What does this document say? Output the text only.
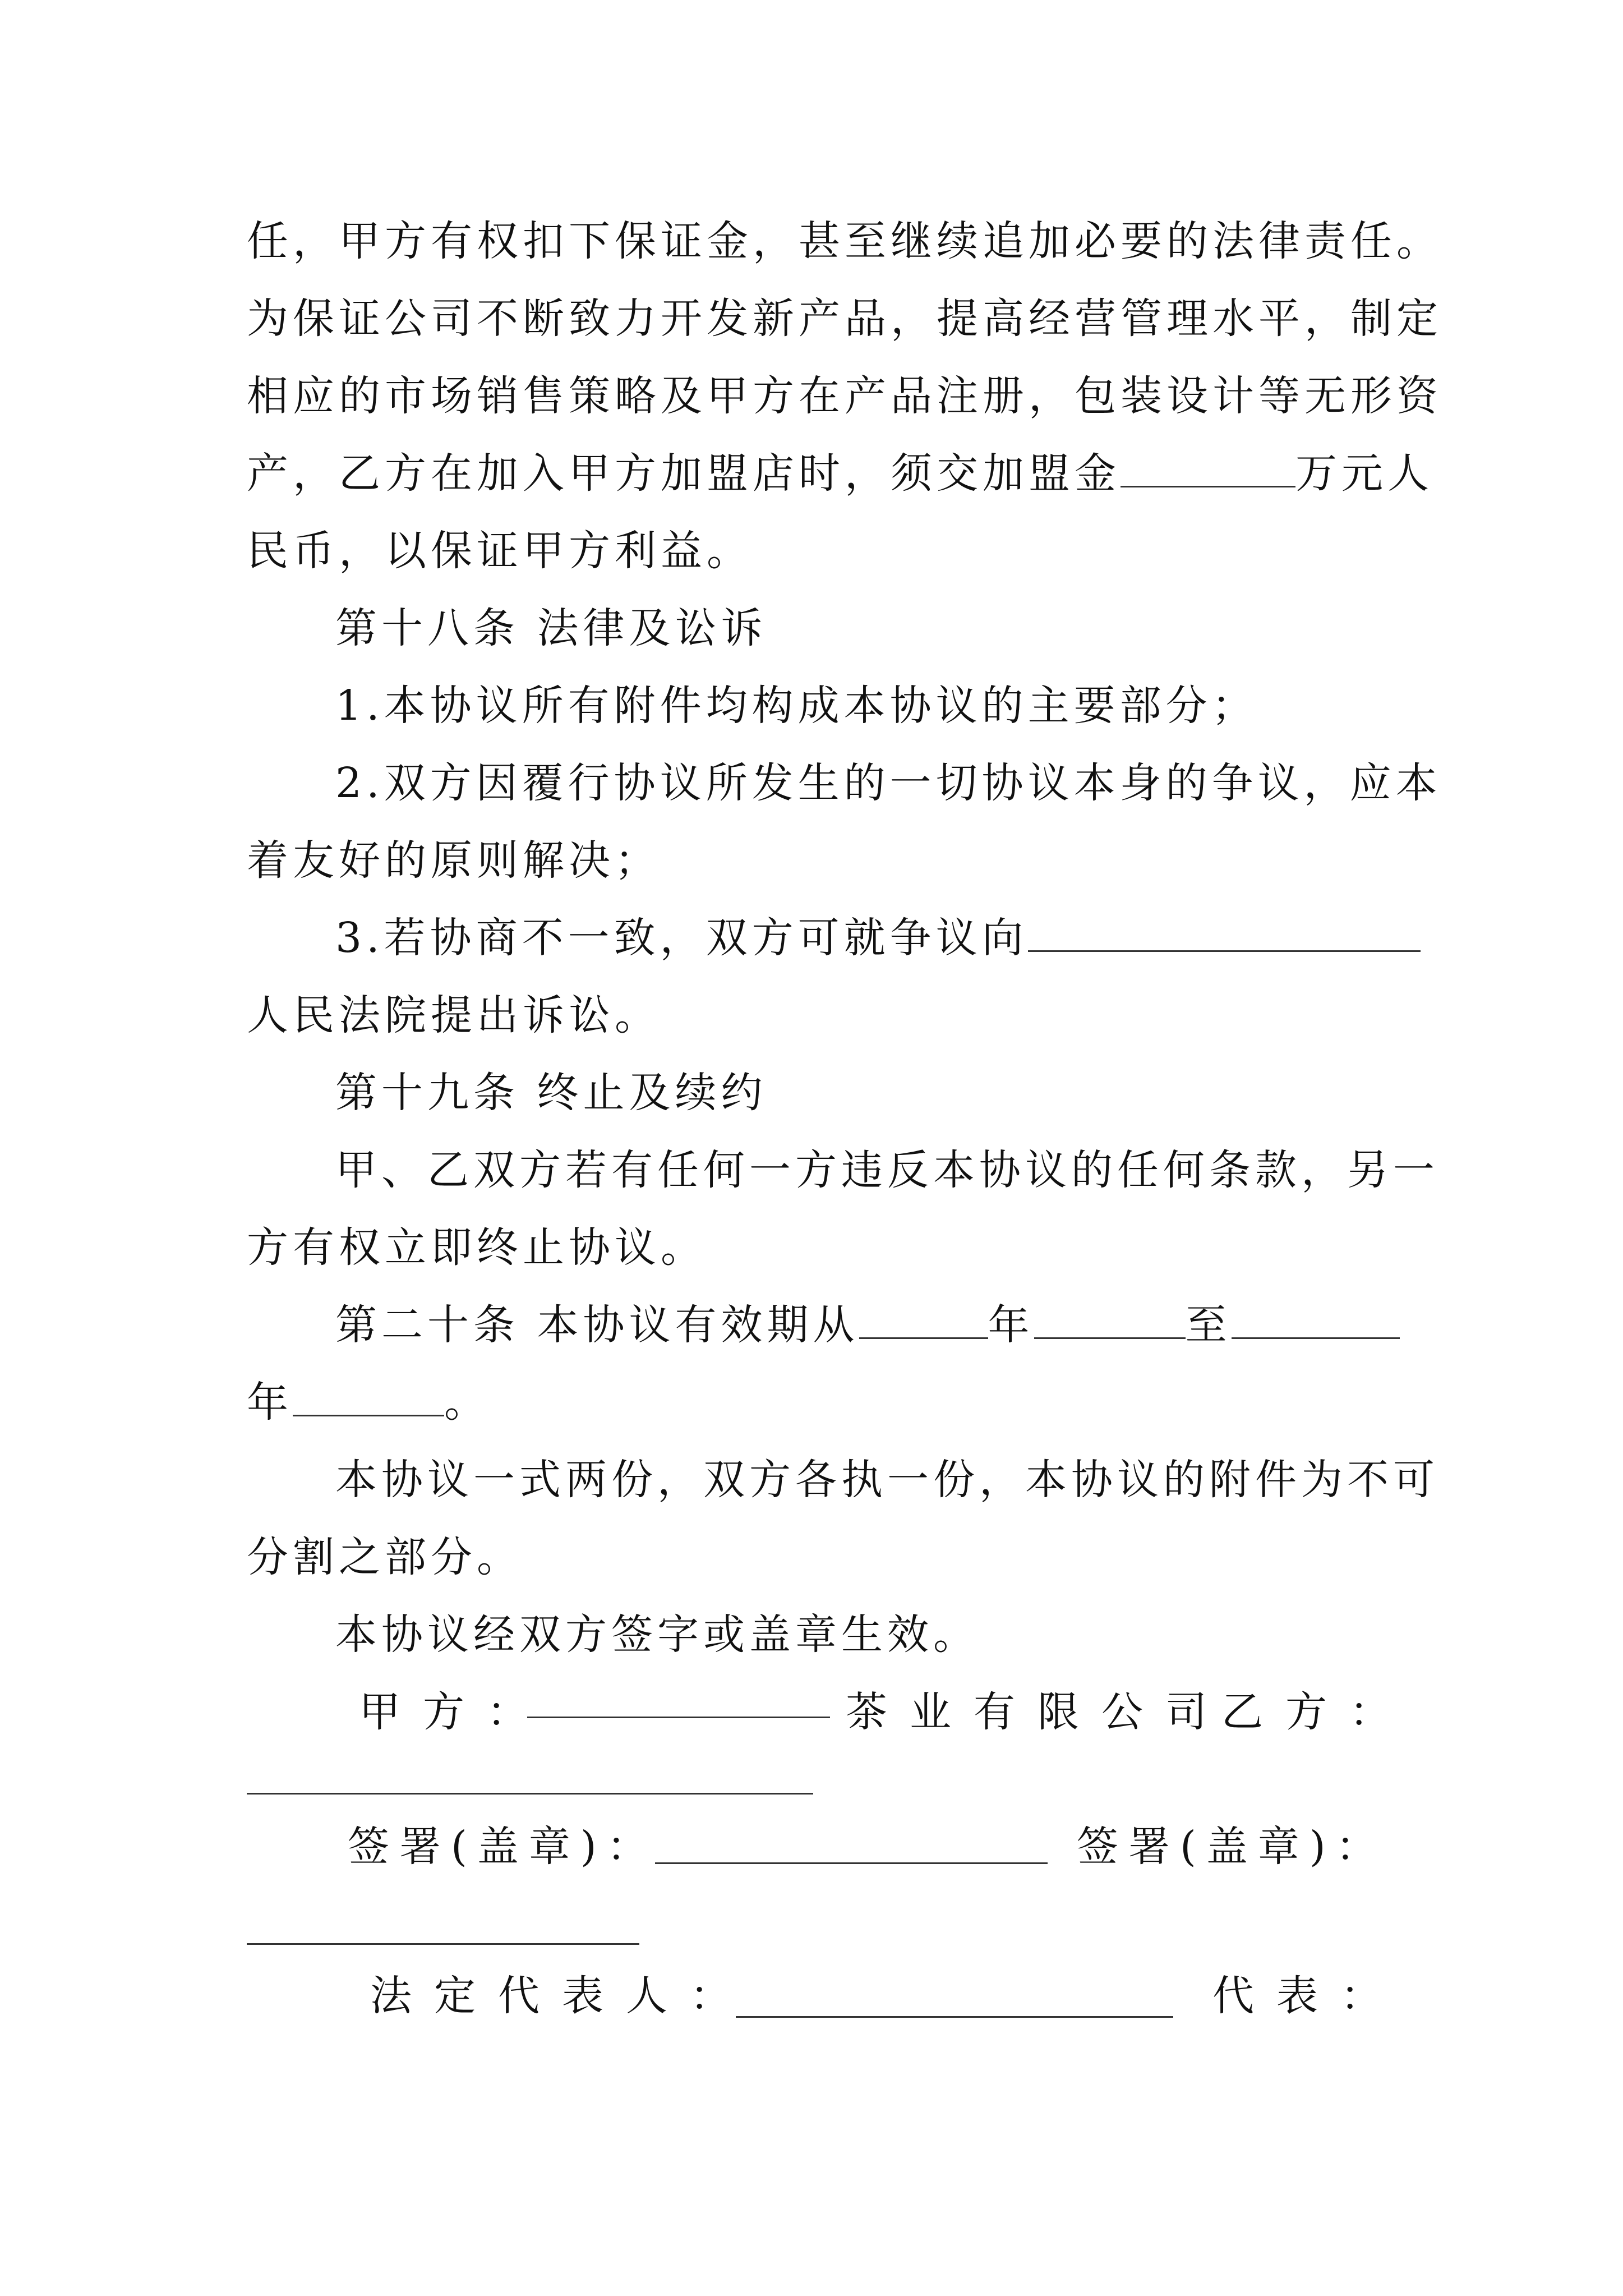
任，甲方有权扣下保证金，甚至继续追加必要的法律责任。
为保证公司不断致力开发新产品，提高经营管理水平，制定
相应的市场销售策略及甲方在产品注册，包装设计等无形资
产，乙方在加入甲方加盟店时，须交加盟金	万元人
民币，以保证甲方利益。
第十八条 法律及讼诉
1.本协议所有附件均构成本协议的主要部分；
2.双方因覆行协议所发生的一切协议本身的争议，应本
着友好的原则解决；
3.若协商不一致，双方可就争议向
人民法院提出诉讼。
第十九条 终止及续约
甲、乙双方若有任何一方违反本协议的任何条款，另一
方有权立即终止协议。
第二十条 本协议有效期从	年	至
年	。
本协议一式两份，双方各执一份，本协议的附件为不可
分割之部分。
本协议经双方签字或盖章生效。
甲方：	茶业有限公司
乙方：
签署(盖章)：	签署(盖章)：
法定代表人：	代表：
